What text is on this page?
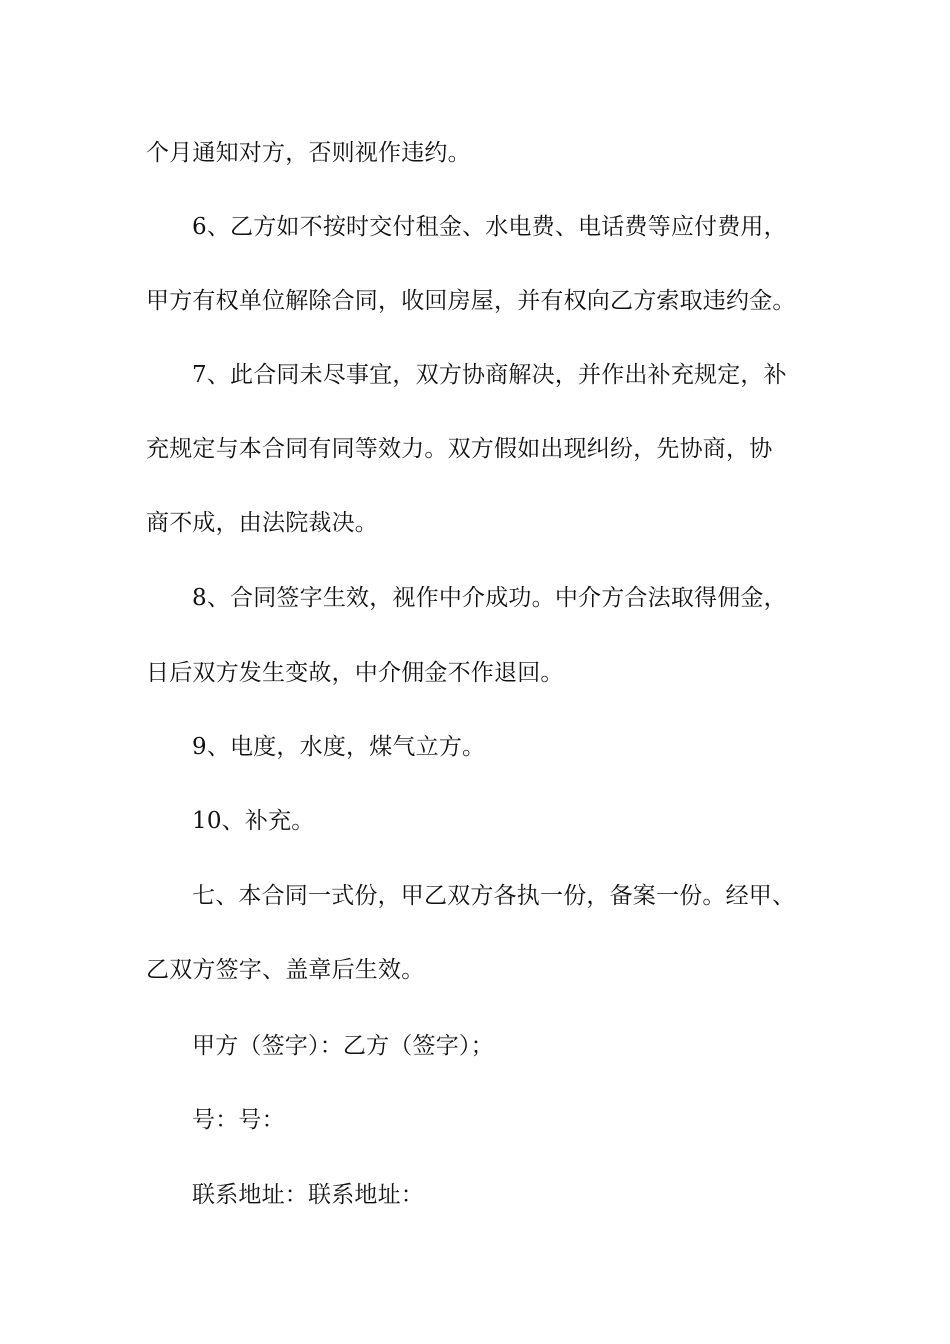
个月通知对方，否则视作违约。
6、乙方如不按时交付租金、水电费、电话费等应付费用，
甲方有权单位解除合同，收回房屋，并有权向乙方索取违约金。
7、此合同未尽事宜，双方协商解决，并作出补充规定，补
充规定与本合同有同等效力。双方假如出现纠纷，先协商，协
商不成，由法院裁决。
8、合同签字生效，视作中介成功。中介方合法取得佣金，
日后双方发生变故，中介佣金不作退回。
9、电度，水度，煤气立方。
10、补充。
七、本合同一式份，甲乙双方各执一份，备案一份。经甲、
乙双方签字、盖章后生效。
甲方（签字）：乙方（签字）；
号：号：
联系地址：联系地址：
